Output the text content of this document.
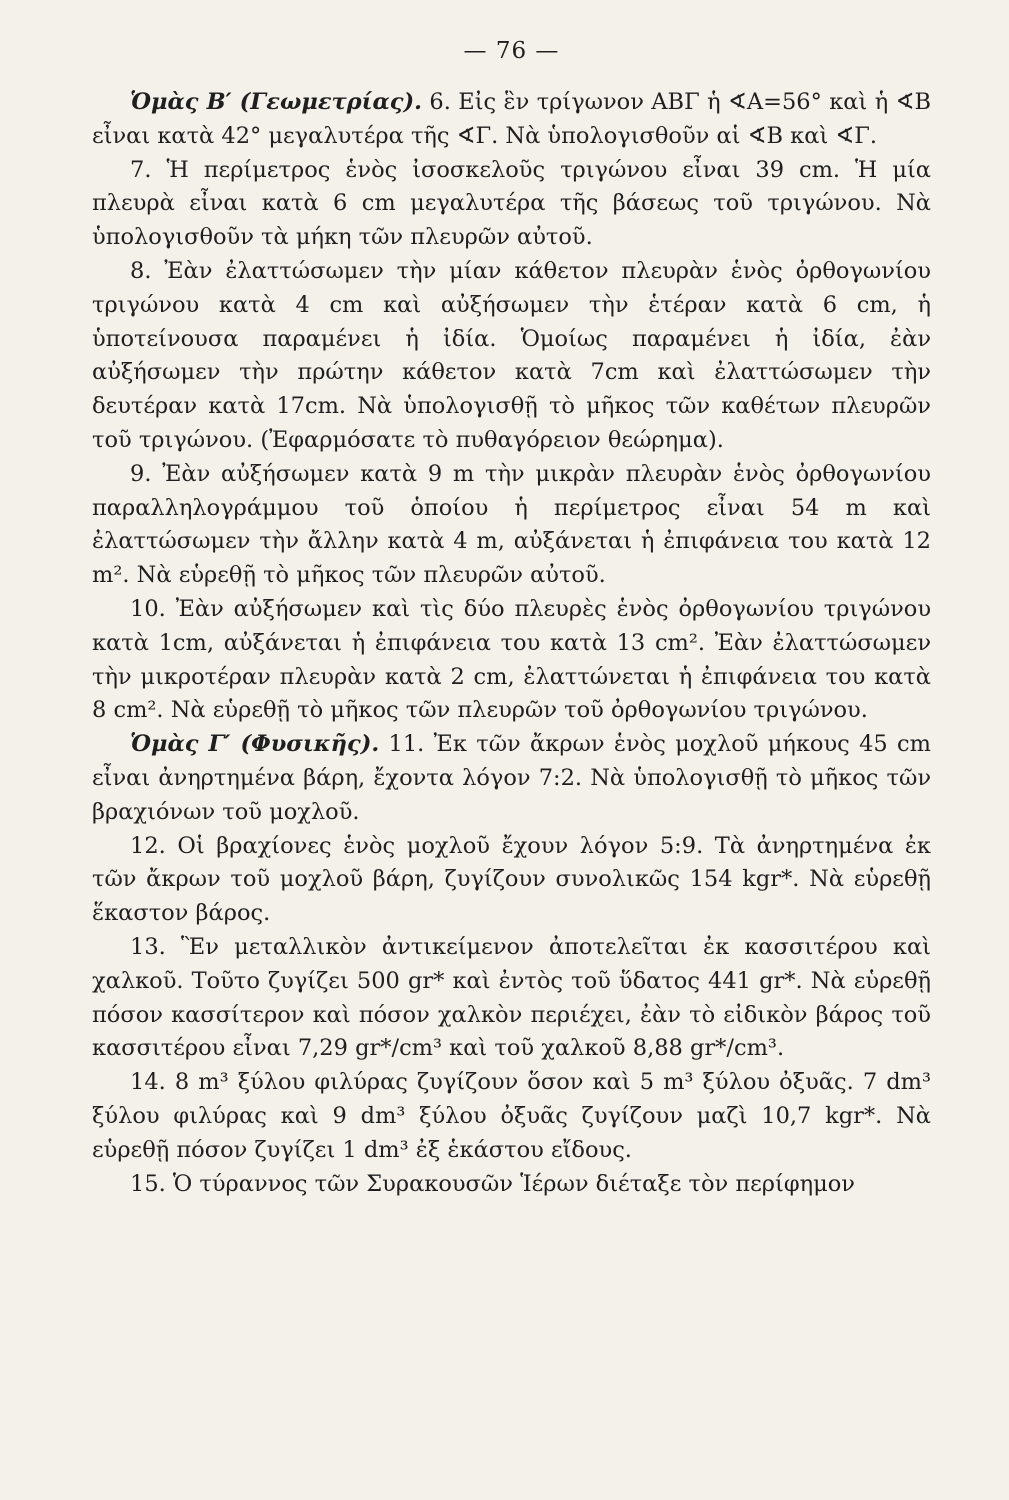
— 76 —

Ὁμὰς Β′ (Γεωμετρίας). 6. Εἰς ἓν τρίγωνον ΑΒΓ ἡ ∢Α=56° καὶ ἡ ∢Β εἶναι κατὰ 42° μεγαλυτέρα τῆς ∢Γ. Νὰ ὑπολογισθοῦν αἱ ∢Β καὶ ∢Γ.

7. Ἡ περίμετρος ἑνὸς ἰσοσκελοῦς τριγώνου εἶναι 39 cm. Ἡ μία πλευρὰ εἶναι κατὰ 6 cm μεγαλυτέρα τῆς βάσεως τοῦ τριγώνου. Νὰ ὑπολογισθοῦν τὰ μήκη τῶν πλευρῶν αὐτοῦ.

8. Ἐὰν ἐλαττώσωμεν τὴν μίαν κάθετον πλευρὰν ἑνὸς ὀρθογωνίου τριγώνου κατὰ 4 cm καὶ αὐξήσωμεν τὴν ἑτέραν κατὰ 6 cm, ἡ ὑποτείνουσα παραμένει ἡ ἰδία. Ὁμοίως παραμένει ἡ ἰδία, ἐὰν αὐξήσωμεν τὴν πρώτην κάθετον κατὰ 7cm καὶ ἐλαττώσωμεν τὴν δευτέραν κατὰ 17cm. Νὰ ὑπολογισθῇ τὸ μῆκος τῶν καθέτων πλευρῶν τοῦ τριγώνου. (Ἐφαρμόσατε τὸ πυθαγόρειον θεώρημα).

9. Ἐὰν αὐξήσωμεν κατὰ 9 m τὴν μικρὰν πλευρὰν ἑνὸς ὀρθογωνίου παραλληλογράμμου τοῦ ὁποίου ἡ περίμετρος εἶναι 54 m καὶ ἐλαττώσωμεν τὴν ἄλλην κατὰ 4 m, αὐξάνεται ἡ ἐπιφάνεια του κατὰ 12 m². Νὰ εὑρεθῇ τὸ μῆκος τῶν πλευρῶν αὐτοῦ.

10. Ἐὰν αὐξήσωμεν καὶ τὶς δύο πλευρὲς ἑνὸς ὀρθογωνίου τριγώνου κατὰ 1cm, αὐξάνεται ἡ ἐπιφάνεια του κατὰ 13 cm². Ἐὰν ἐλαττώσωμεν τὴν μικροτέραν πλευρὰν κατὰ 2 cm, ἐλαττώνεται ἡ ἐπιφάνεια του κατὰ 8 cm². Νὰ εὑρεθῇ τὸ μῆκος τῶν πλευρῶν τοῦ ὀρθογωνίου τριγώνου.

Ὁμὰς Γ′ (Φυσικῆς). 11. Ἐκ τῶν ἄκρων ἑνὸς μοχλοῦ μήκους 45 cm εἶναι ἀνηρτημένα βάρη, ἔχοντα λόγον 7:2. Νὰ ὑπολογισθῇ τὸ μῆκος τῶν βραχιόνων τοῦ μοχλοῦ.

12. Οἱ βραχίονες ἑνὸς μοχλοῦ ἔχουν λόγον 5:9. Τὰ ἀνηρτημένα ἐκ τῶν ἄκρων τοῦ μοχλοῦ βάρη, ζυγίζουν συνολικῶς 154 kgr*. Νὰ εὑρεθῇ ἕκαστον βάρος.

13. Ἓν μεταλλικὸν ἀντικείμενον ἀποτελεῖται ἐκ κασσιτέρου καὶ χαλκοῦ. Τοῦτο ζυγίζει 500 gr* καὶ ἐντὸς τοῦ ὕδατος 441 gr*. Νὰ εὑρεθῇ πόσον κασσίτερον καὶ πόσον χαλκὸν περιέχει, ἐὰν τὸ εἰδικὸν βάρος τοῦ κασσιτέρου εἶναι 7,29 gr*/cm³ καὶ τοῦ χαλκοῦ 8,88 gr*/cm³.

14. 8 m³ ξύλου φιλύρας ζυγίζουν ὅσον καὶ 5 m³ ξύλου ὀξυᾶς. 7 dm³ ξύλου φιλύρας καὶ 9 dm³ ξύλου ὀξυᾶς ζυγίζουν μαζὶ 10,7 kgr*. Νὰ εὑρεθῇ πόσον ζυγίζει 1 dm³ ἐξ ἑκάστου εἴδους.

15. Ὁ τύραννος τῶν Συρακουσῶν Ἱέρων διέταξε τὸν περίφημον
